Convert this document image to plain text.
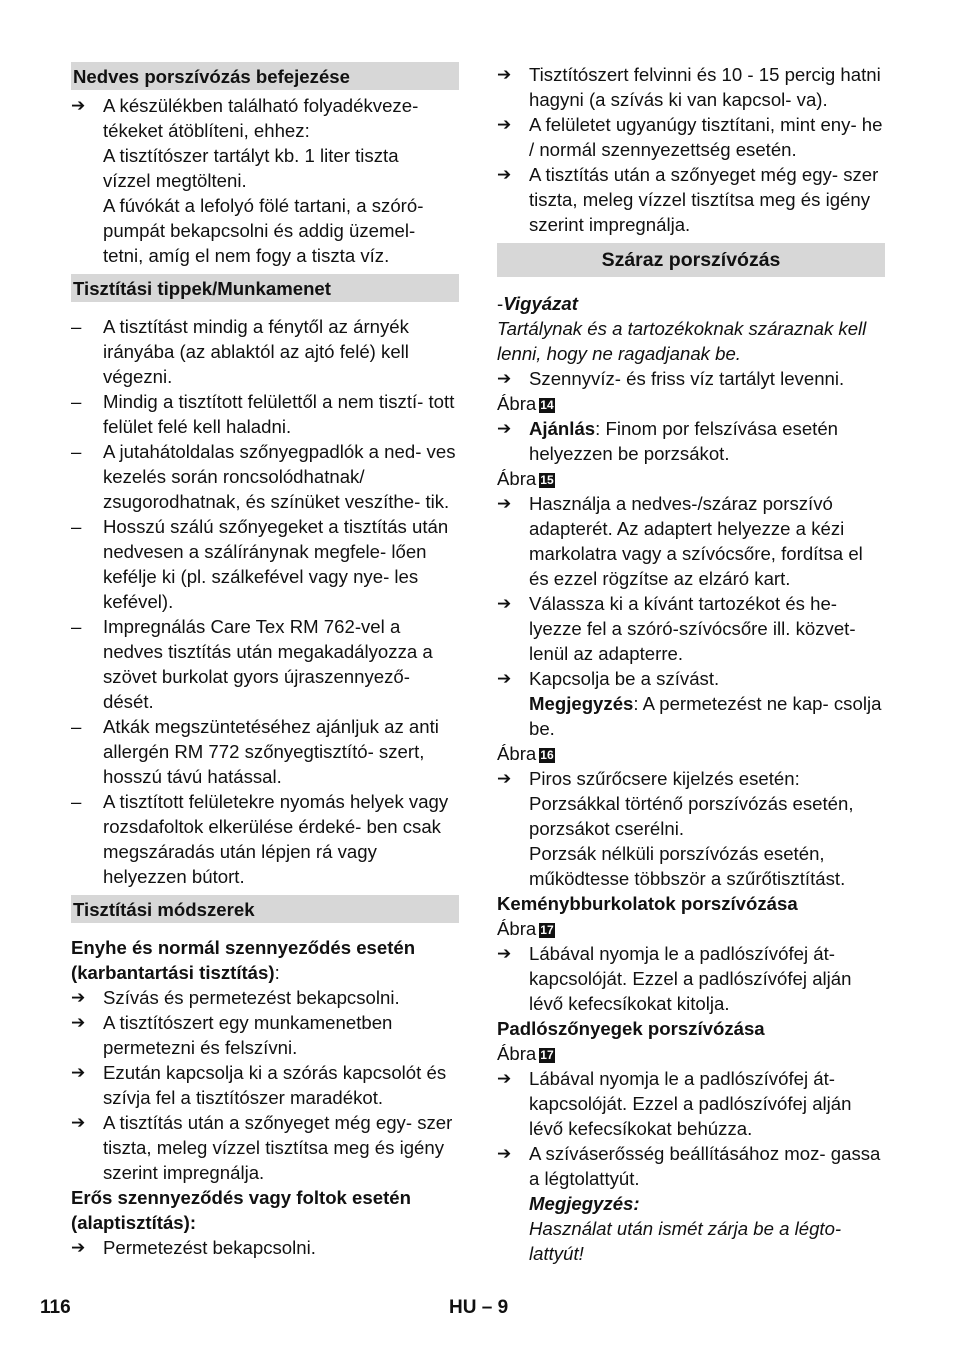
Nedves porszívózás befejezése
➔ A készülékben található folyadékveze-
tékeket átöblíteni, ehhez:
A tisztítószer tartályt kb. 1 liter tiszta
vízzel megtölteni.
A fúvókát a lefolyó fölé tartani, a szóró-
pumpát bekapcsolni és addig üzemel-
tetni, amíg el nem fogy a tiszta víz.
Tisztítási tippek/Munkamenet
–	A tisztítást mindig a fénytől az árnyék irányába (az ablaktól az ajtó felé) kell végezni.
–	Mindig a tisztított felülettől a nem tisztí- tott felület felé kell haladni.
–	A jutahátoldalas szőnyegpadlók a ned- ves kezelés során roncsolódhatnak/ zsugorodhatnak, és színüket veszíthe- tik.
–	Hosszú szálú szőnyegeket a tisztítás után nedvesen a szálíránynak megfele- lően kefélje ki (pl. szálkefével vagy nye- les kefével).
–	Impregnálás Care Tex RM 762-vel a nedves tisztítás után megakadályozza a szövet burkolat gyors újraszennyező- dését.
–	Atkák megszüntetéséhez ajánljuk az anti allergén RM 772 szőnyegtisztító- szert, hosszú távú hatással.
–	A tisztított felületekre nyomás helyek vagy rozsdafoltok elkerülése érdeké- ben csak megszáradás után lépjen rá vagy helyezzen bútort.
Tisztítási módszerek
Enyhe és normál szennyeződés esetén (karbantartási tisztítás):
➔ Szívás és permetezést bekapcsolni.
➔ A tisztítószert egy munkamenetben permetezni és felszívni.
➔ Ezután kapcsolja ki a szórás kapcsolót és szívja fel a tisztítószer maradékot.
➔ A tisztítás után a szőnyeget még egy- szer tiszta, meleg vízzel tisztítsa meg és igény szerint impregnálja.
Erős szennyeződés vagy foltok esetén (alaptisztítás):
➔ Permetezést bekapcsolni.
➔ Tisztítószert felvinni és 10 - 15 percig hatni hagyni (a szívás ki van kapcsol- va).
➔ A felületet ugyanúgy tisztítani, mint eny- he / normál szennyezettség esetén.
➔ A tisztítás után a szőnyeget még egy- szer tiszta, meleg vízzel tisztítsa meg és igény szerint impregnálja.
Száraz porszívózás
-Vigyázat
Tartálynak és a tartozékoknak száraznak kell lenni, hogy ne ragadjanak be.
➔ Szennyvíz- és friss víz tartályt levenni.
Ábra 14
➔ Ajánlás: Finom por felszívása esetén helyezzen be porzsákot.
Ábra 15
➔ Használja a nedves-/száraz porszívó adapterét. Az adaptert helyezze a kézi markolatra vagy a szívócsőre, fordítsa el és ezzel rögzítse az elzáró kart.
➔ Válassza ki a kívánt tartozékot és he- lyezze fel a szóró-szívócsőre ill. közvet- lenül az adapterre.
➔ Kapcsolja be a szívást.
Megjegyzés: A permetezést ne kap- csolja be.
Ábra 16
➔ Piros szűrőcsere kijelzés esetén:
Porzsákkal történő porszívózás esetén, porzsákot cserélni.
Porzsák nélküli porszívózás esetén, működtesse többször a szűrőtisztítást.
Keménybburkolatok porszívózása
Ábra 17
➔ Lábával nyomja le a padlószívófej át- kapcsolóját. Ezzel a padlószívófej alján lévő kefecsíkokat kitolja.
Padlószőnyegek porszívózása
Ábra 17
➔ Lábával nyomja le a padlószívófej át- kapcsolóját. Ezzel a padlószívófej alján lévő kefecsíkokat behúzza.
➔ A szíváserősség beállításához moz- gassa a légtolattyút.
Megjegyzés:
Használat után ismét zárja be a légto- lattyút!
116	HU – 9
